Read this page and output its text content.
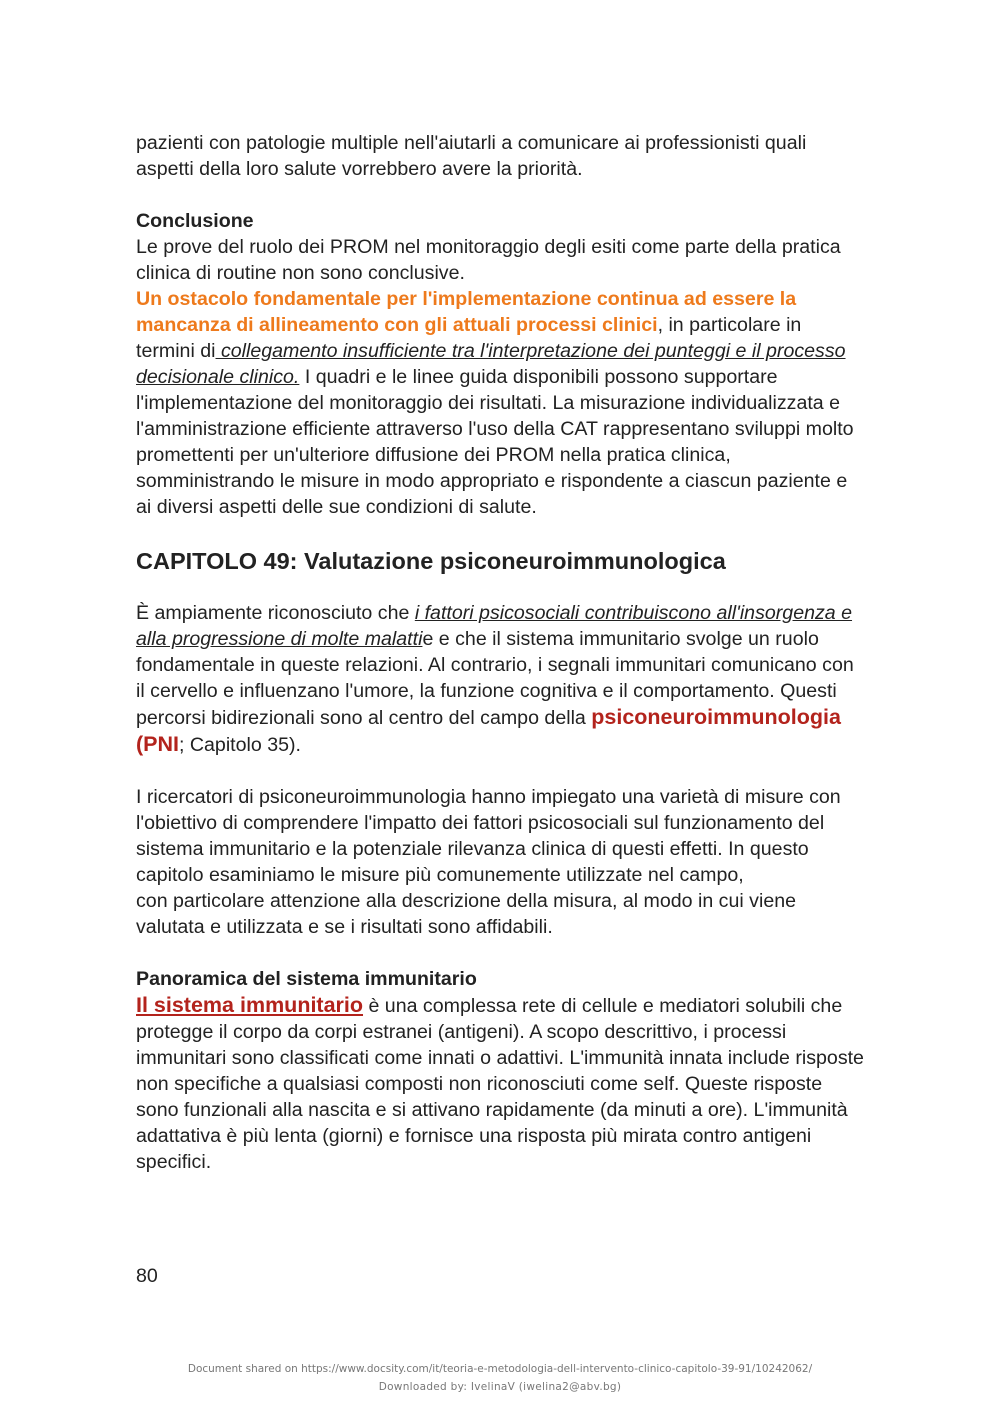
pazienti con patologie multiple nell'aiutarli a comunicare ai professionisti quali aspetti della loro salute vorrebbero avere la priorità.

Conclusione

Le prove del ruolo dei PROM nel monitoraggio degli esiti come parte della pratica clinica di routine non sono conclusive.

Un ostacolo fondamentale per l'implementazione continua ad essere la mancanza di allineamento con gli attuali processi clinici, in particolare in termini di collegamento insufficiente tra l'interpretazione dei punteggi e il processo decisionale clinico. I quadri e le linee guida disponibili possono supportare l'implementazione del monitoraggio dei risultati. La misurazione individualizzata e l'amministrazione efficiente attraverso l'uso della CAT rappresentano sviluppi molto promettenti per un'ulteriore diffusione dei PROM nella pratica clinica, somministrando le misure in modo appropriato e rispondente a ciascun paziente e ai diversi aspetti delle sue condizioni di salute.

CAPITOLO 49: Valutazione psiconeuroimmunologica

È ampiamente riconosciuto che i fattori psicosociali contribuiscono all'insorgenza e alla progressione di molte malattie e che il sistema immunitario svolge un ruolo fondamentale in queste relazioni. Al contrario, i segnali immunitari comunicano con il cervello e influenzano l'umore, la funzione cognitiva e il comportamento. Questi percorsi bidirezionali sono al centro del campo della psiconeuroimmunologia (PNI; Capitolo 35).

I ricercatori di psiconeuroimmunologia hanno impiegato una varietà di misure con l'obiettivo di comprendere l'impatto dei fattori psicosociali sul funzionamento del sistema immunitario e la potenziale rilevanza clinica di questi effetti. In questo capitolo esaminiamo le misure più comunemente utilizzate nel campo,

con particolare attenzione alla descrizione della misura, al modo in cui viene valutata e utilizzata e se i risultati sono affidabili.

Panoramica del sistema immunitario

Il sistema immunitario è una complessa rete di cellule e mediatori solubili che protegge il corpo da corpi estranei (antigeni). A scopo descrittivo, i processi immunitari sono classificati come innati o adattivi. L'immunità innata include risposte non specifiche a qualsiasi composti non riconosciuti come self. Queste risposte sono funzionali alla nascita e si attivano rapidamente (da minuti a ore). L'immunità adattativa è più lenta (giorni) e fornisce una risposta più mirata contro antigeni specifici.

80
Document shared on https://www.docsity.com/it/teoria-e-metodologia-dell-intervento-clinico-capitolo-39-91/10242062/
Downloaded by: IvelinaV (iwelina2@abv.bg)
